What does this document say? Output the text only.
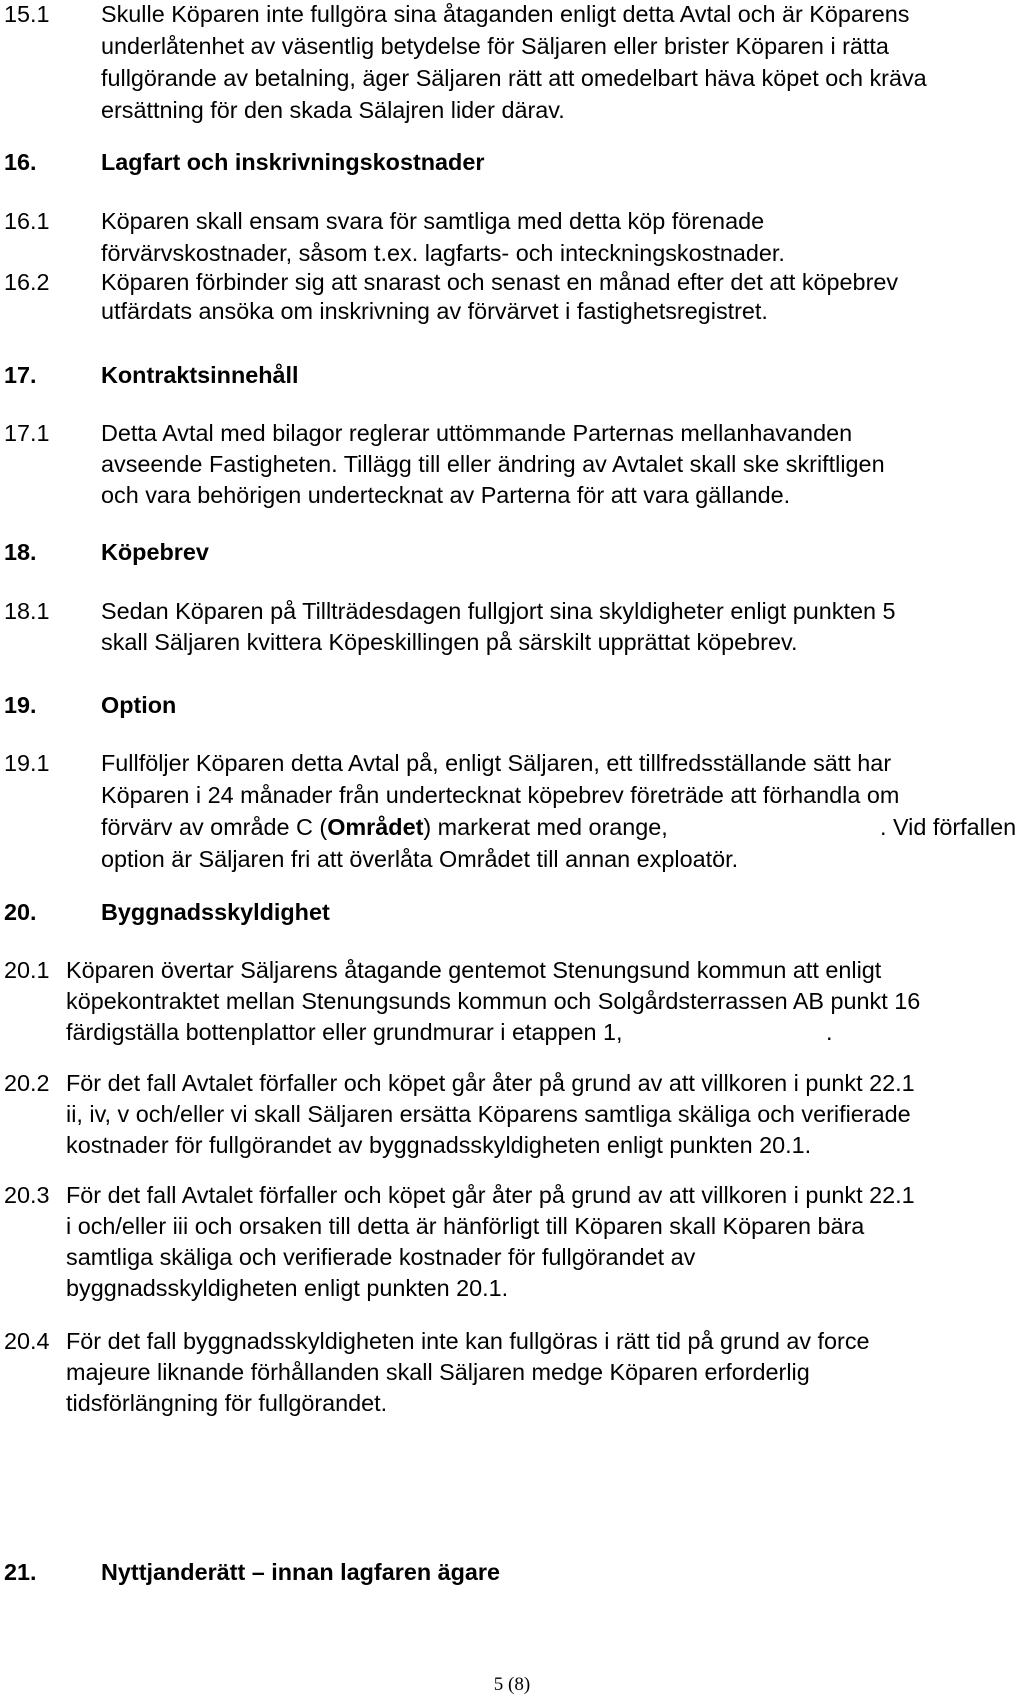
15.1 Skulle Köparen inte fullgöra sina åtaganden enligt detta Avtal och är Köparens
underlåtenhet av väsentlig betydelse för Säljaren eller brister Köparen i rätta
fullgörande av betalning, äger Säljaren rätt att omedelbart häva köpet och kräva
ersättning för den skada Sälajren lider därav.
16.	Lagfart och inskrivningskostnader
16.1 Köparen skall ensam svara för samtliga med detta köp förenade
förvärvskostnader, såsom t.ex. lagfarts- och inteckningskostnader.
16.2 Köparen förbinder sig att snarast och senast en månad efter det att köpebrev
utfärdats ansöka om inskrivning av förvärvet i fastighetsregistret.
17.	Kontraktsinnehåll
17.1 Detta Avtal med bilagor reglerar uttömmande Parternas mellanhavanden
avseende Fastigheten. Tillägg till eller ändring av Avtalet skall ske skriftligen
och vara behörigen undertecknat av Parterna för att vara gällande.
18.	Köpebrev
18.1 Sedan Köparen på Tillträdesdagen fullgjort sina skyldigheter enligt punkten 5
skall Säljaren kvittera Köpeskillingen på särskilt upprättat köpebrev.
19.	Option
19.1 Fullföljer Köparen detta Avtal på, enligt Säljaren, ett tillfredsställande sätt har
Köparen i 24 månader från undertecknat köpebrev företräde att förhandla om
förvärv av område C (Området) markerat med orange,	. Vid förfallen
option är Säljaren fri att överlåta Området till annan exploatör.
20.	Byggnadsskyldighet
20.1 Köparen övertar Säljarens åtagande gentemot Stenungsund kommun att enligt
köpekontraktet mellan Stenungsunds kommun och Solgårdsterrassen AB punkt 16
färdigställa bottenplattor eller grundmurar i etappen 1,	.
20.2 För det fall Avtalet förfaller och köpet går åter på grund av att villkoren i punkt 22.1
ii, iv, v och/eller vi skall Säljaren ersätta Köparens samtliga skäliga och verifierade
kostnader för fullgörandet av byggnadsskyldigheten enligt punkten 20.1.
20.3 För det fall Avtalet förfaller och köpet går åter på grund av att villkoren i punkt 22.1
i och/eller iii och orsaken till detta är hänförligt till Köparen skall Köparen bära
samtliga skäliga och verifierade kostnader för fullgörandet av
byggnadsskyldigheten enligt punkten 20.1.
20.4 För det fall byggnadsskyldigheten inte kan fullgöras i rätt tid på grund av force
majeure liknande förhållanden skall Säljaren medge Köparen erforderlig
tidsförlängning för fullgörandet.
21.	Nyttjanderätt – innan lagfaren ägare
5 (8)
